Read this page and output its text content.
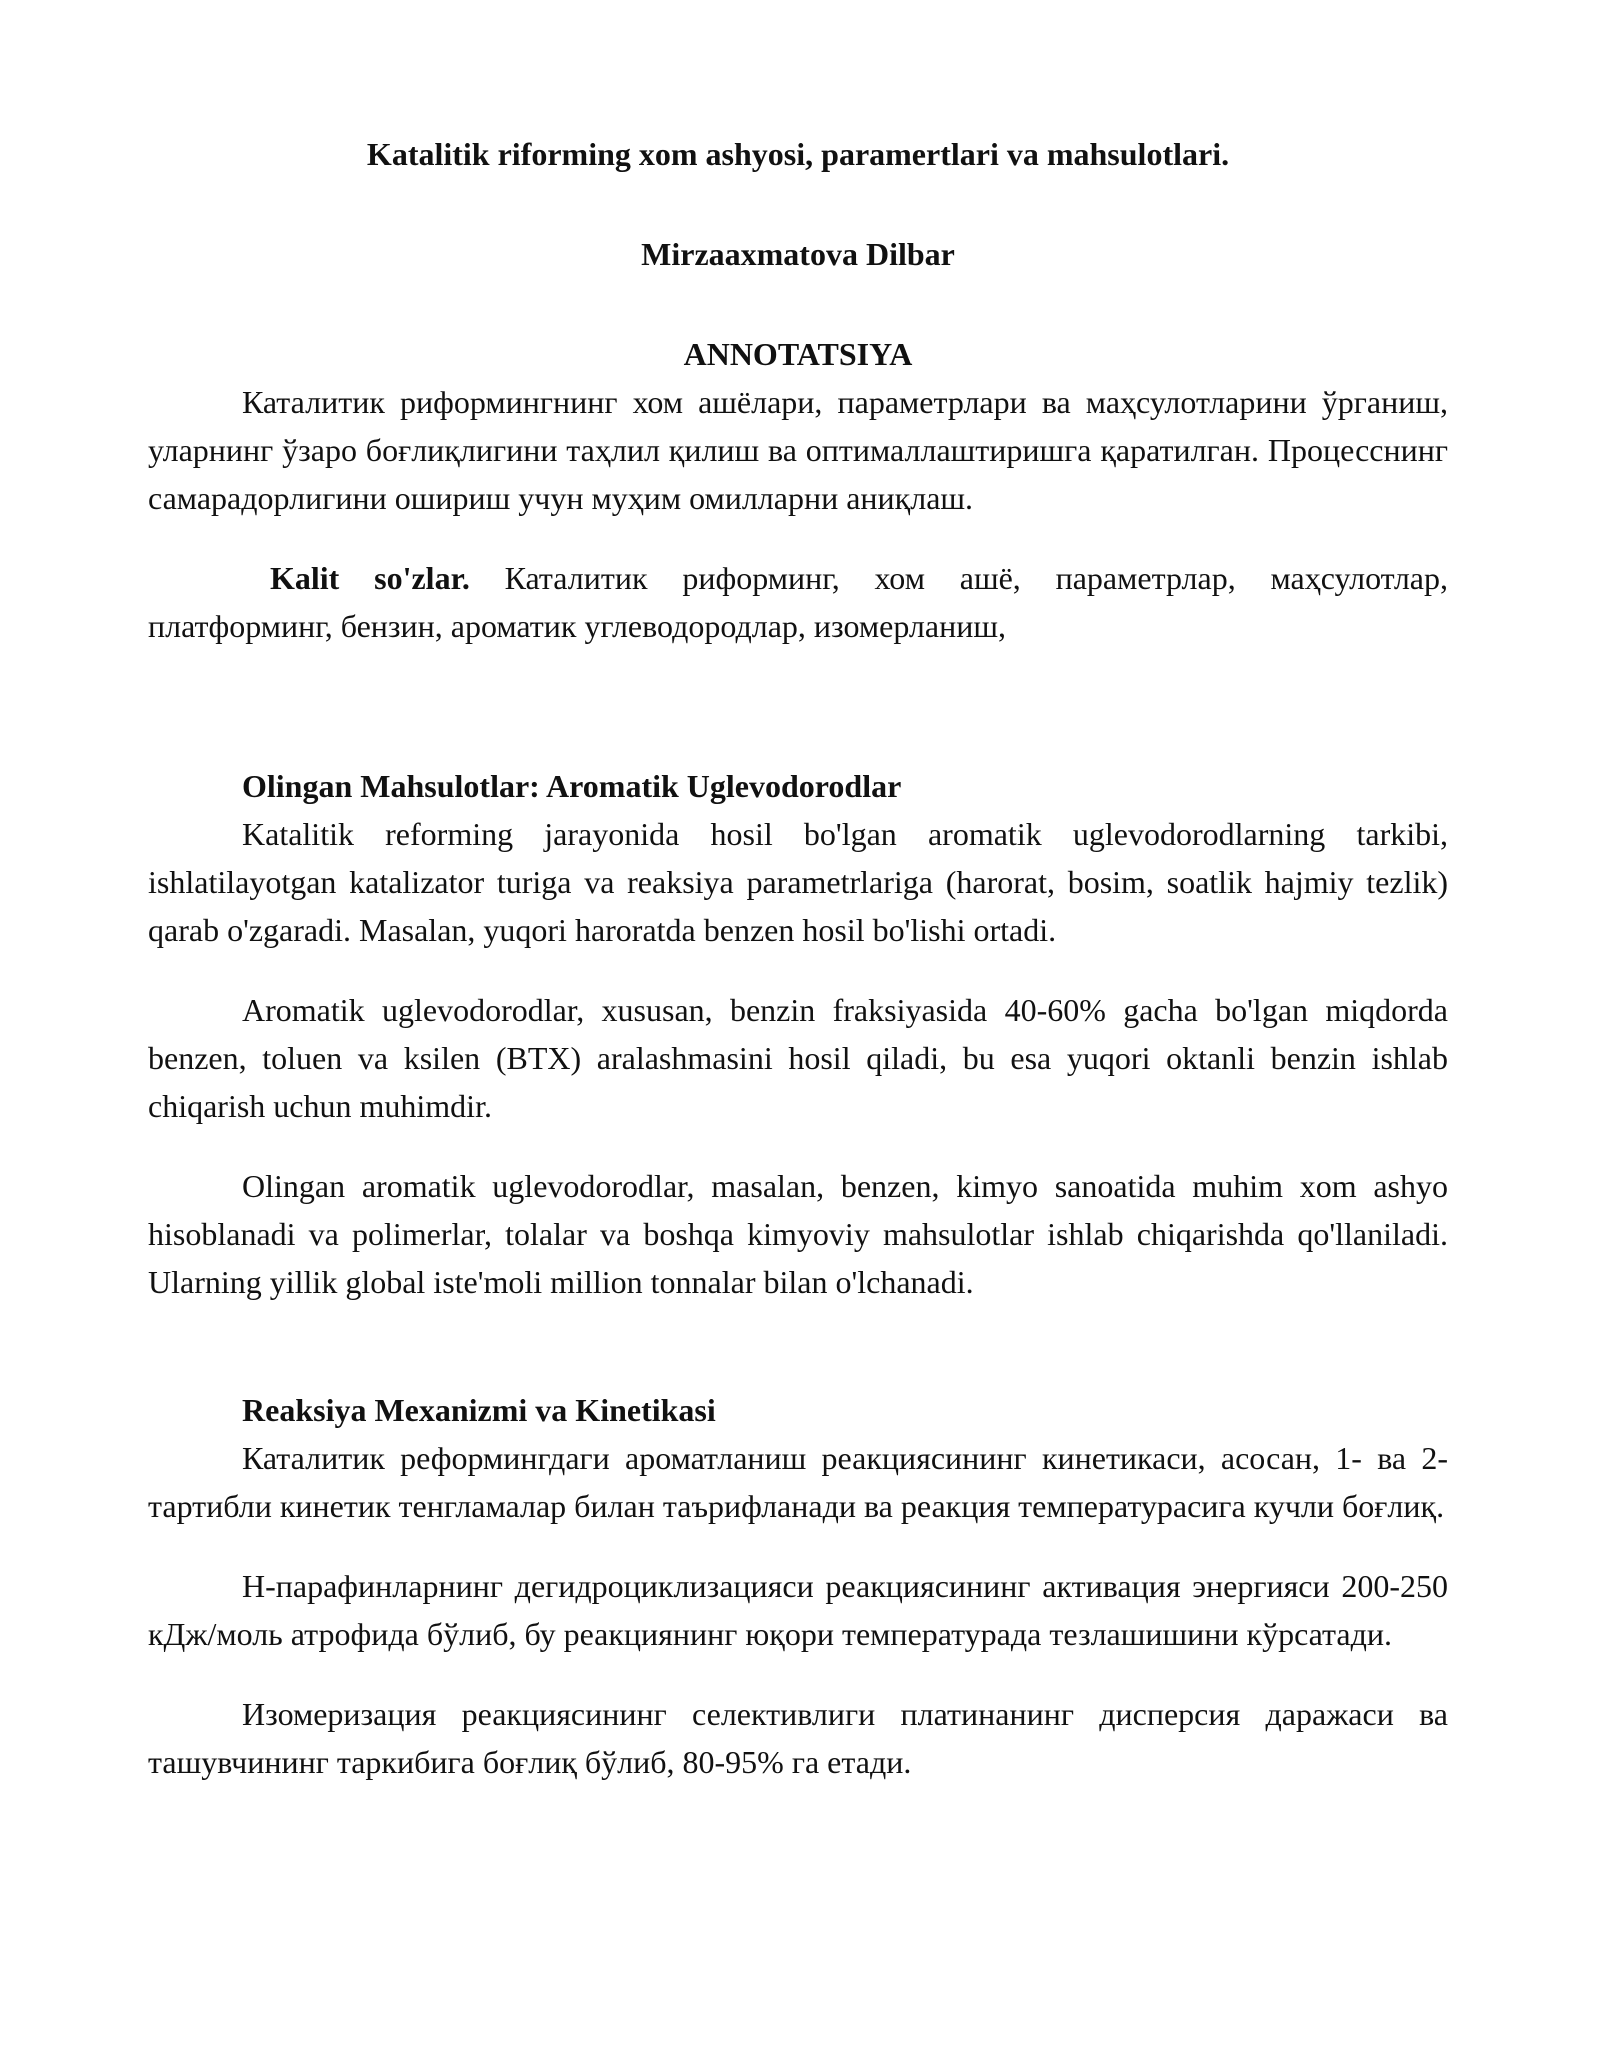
Katalitik riforming xom ashyosi, paramertlari va mahsulotlari.
Mirzaaxmatova Dilbar
ANNOTATSIYA

Каталитик риформингнинг хом ашёлари, параметрлари ва маҳсулотларини ўрганиш, уларнинг ўзаро боғлиқлигини таҳлил қилиш ва оптималлаштиришга қаратилган. Процесснинг самарадорлигини ошириш учун муҳим омилларни аниқлаш.

Kalit so'zlar. Каталитик риформинг, хом ашё, параметрлар, маҳсулотлар, платформинг, бензин, ароматик углеводородлар, изомерланиш,

Olingan Mahsulotlar: Aromatik Uglevodorodlar

Katalitik reforming jarayonida hosil bo'lgan aromatik uglevodorodlarning tarkibi, ishlatilayotgan katalizator turiga va reaksiya parametrlariga (harorat, bosim, soatlik hajmiy tezlik) qarab o'zgaradi. Masalan, yuqori haroratda benzen hosil bo'lishi ortadi.

Aromatik uglevodorodlar, xususan, benzin fraksiyasida 40-60% gacha bo'lgan miqdorda benzen, toluen va ksilen (BTX) aralashmasini hosil qiladi, bu esa yuqori oktanli benzin ishlab chiqarish uchun muhimdir.

Olingan aromatik uglevodorodlar, masalan, benzen, kimyo sanoatida muhim xom ashyo hisoblanadi va polimerlar, tolalar va boshqa kimyoviy mahsulotlar ishlab chiqarishda qo'llaniladi. Ularning yillik global iste'moli million tonnalar bilan o'lchanadi.

Reaksiya Mexanizmi va Kinetikasi

Каталитик реформингдаги ароматланиш реакциясининг кинетикаси, асосан, 1- ва 2- тартибли кинетик тенгламалар билан таърифланади ва реакция температурасига кучли боғлиқ.

Н-парафинларнинг дегидроциклизацияси реакциясининг активация энергияси 200-250 кДж/моль атрофида бўлиб, бу реакциянинг юқори температурада тезлашишини кўрсатади.

Изомеризация реакциясининг селективлиги платинанинг дисперсия даражаси ва ташувчининг таркибига боғлиқ бўлиб, 80-95% га етади.
